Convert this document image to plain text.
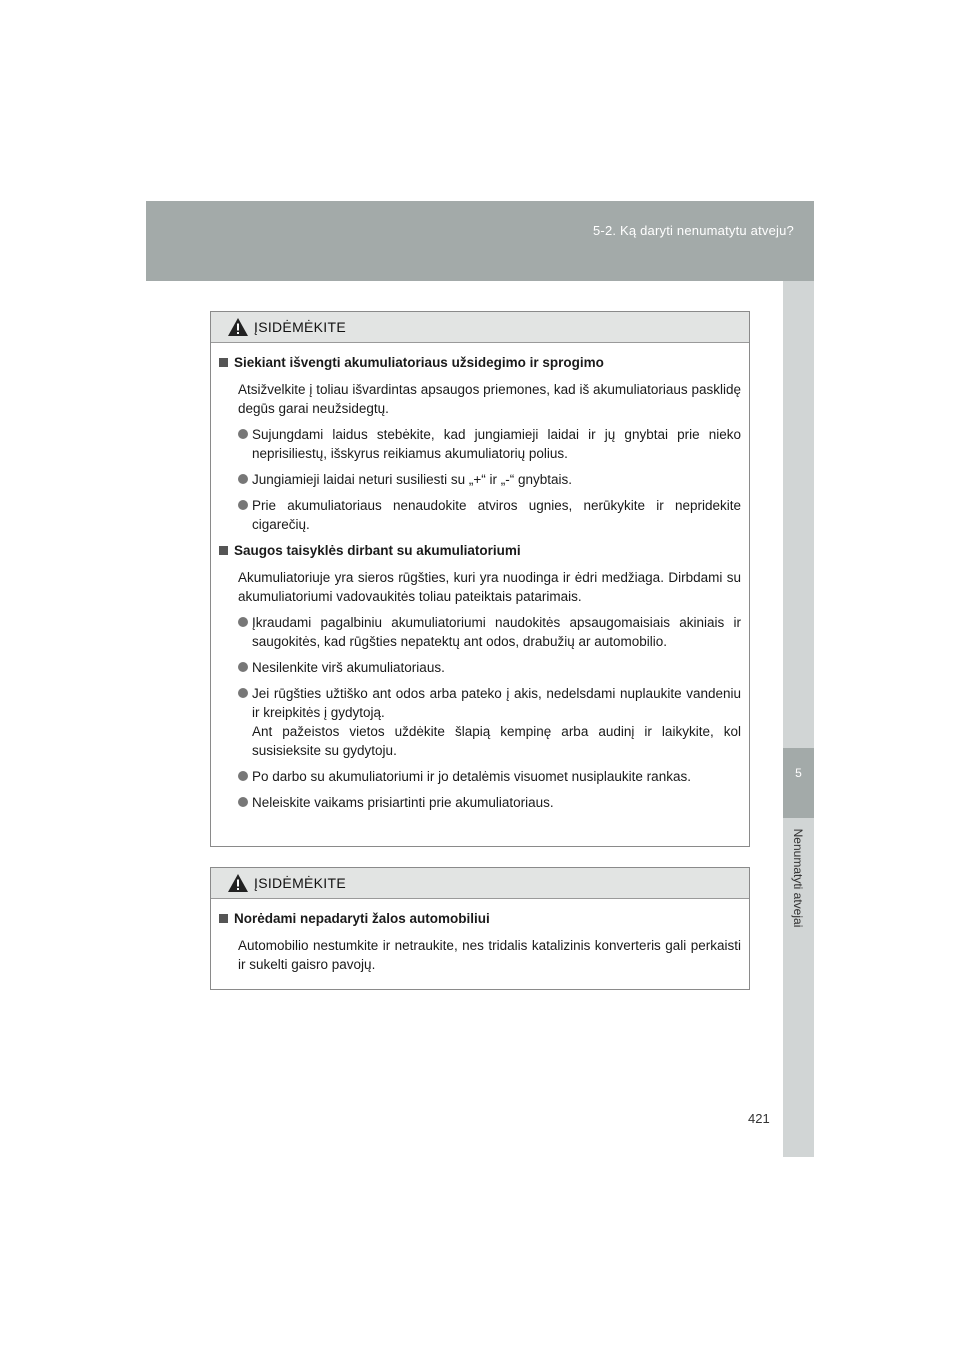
5-2. Ką daryti nenumatytu atveju?
5
Nenumatyti atvejai
ĮSIDĖMĖKITE
Siekiant išvengti akumuliatoriaus užsidegimo ir sprogimo
Atsižvelkite į toliau išvardintas apsaugos priemones, kad iš akumuliatoriaus pasklidę degūs garai neužsidegtų.
Sujungdami laidus stebėkite, kad jungiamieji laidai ir jų gnybtai prie nieko neprisiliestų, išskyrus reikiamus akumuliatorių polius.
Jungiamieji laidai neturi susiliesti su „+“ ir „-“ gnybtais.
Prie akumuliatoriaus nenaudokite atviros ugnies, nerūkykite ir nepridekite cigarečių.
Saugos taisyklės dirbant su akumuliatoriumi
Akumuliatoriuje yra sieros rūgšties, kuri yra nuodinga ir ėdri medžiaga. Dirbdami su akumuliatoriumi vadovaukitės toliau pateiktais patarimais.
Įkraudami pagalbiniu akumuliatoriumi naudokitės apsaugomaisiais akiniais ir saugokitės, kad rūgšties nepatektų ant odos, drabužių ar automobilio.
Nesilenkite virš akumuliatoriaus.
Jei rūgšties užtiško ant odos arba pateko į akis, nedelsdami nuplaukite vandeniu ir kreipkitės į gydytoją.
Ant pažeistos vietos uždėkite šlapią kempinę arba audinį ir laikykite, kol susisieksite su gydytoju.
Po darbo su akumuliatoriumi ir jo detalėmis visuomet nusiplaukite rankas.
Neleiskite vaikams prisiartinti prie akumuliatoriaus.
ĮSIDĖMĖKITE
Norėdami nepadaryti žalos automobiliui
Automobilio nestumkite ir netraukite, nes tridalis katalizinis konverteris gali perkaisti ir sukelti gaisro pavojų.
421
